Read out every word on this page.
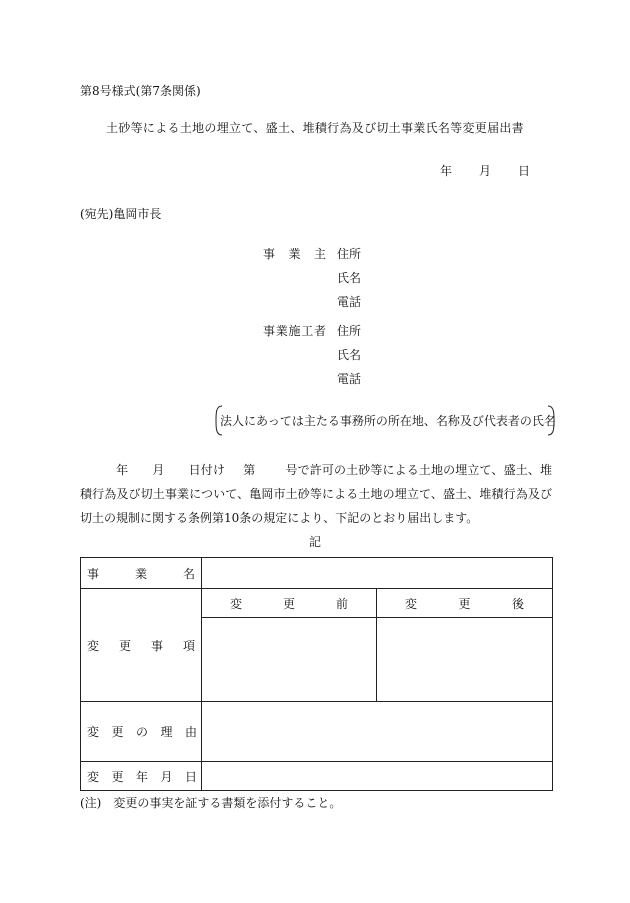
第8号様式(第7条関係)
土砂等による土地の埋立て、盛土、堆積行為及び切土事業氏名等変更届出書
年 月 日
(宛先)亀岡市長
事 業 主 住所
氏名
電話
事 業 施 工 者 住所
氏名
電話
法人にあっては主たる事務所の所在地、名称及び代表者の氏名
年 月 日付け 第	号で許可の土砂等による土地の埋立て、盛土、堆積行為及び切土事業について、亀岡市土砂等による土地の埋立て、盛土、堆積行為及び切土の規制に関する条例第10条の規定により、下記のとおり届出します。
記
事 業 名		

変 更 事 項	変 更 前	変 更 後

変 更 の 理 由		

変 更 年 月 日		

(注)　変更の事実を証する書類を添付すること。
